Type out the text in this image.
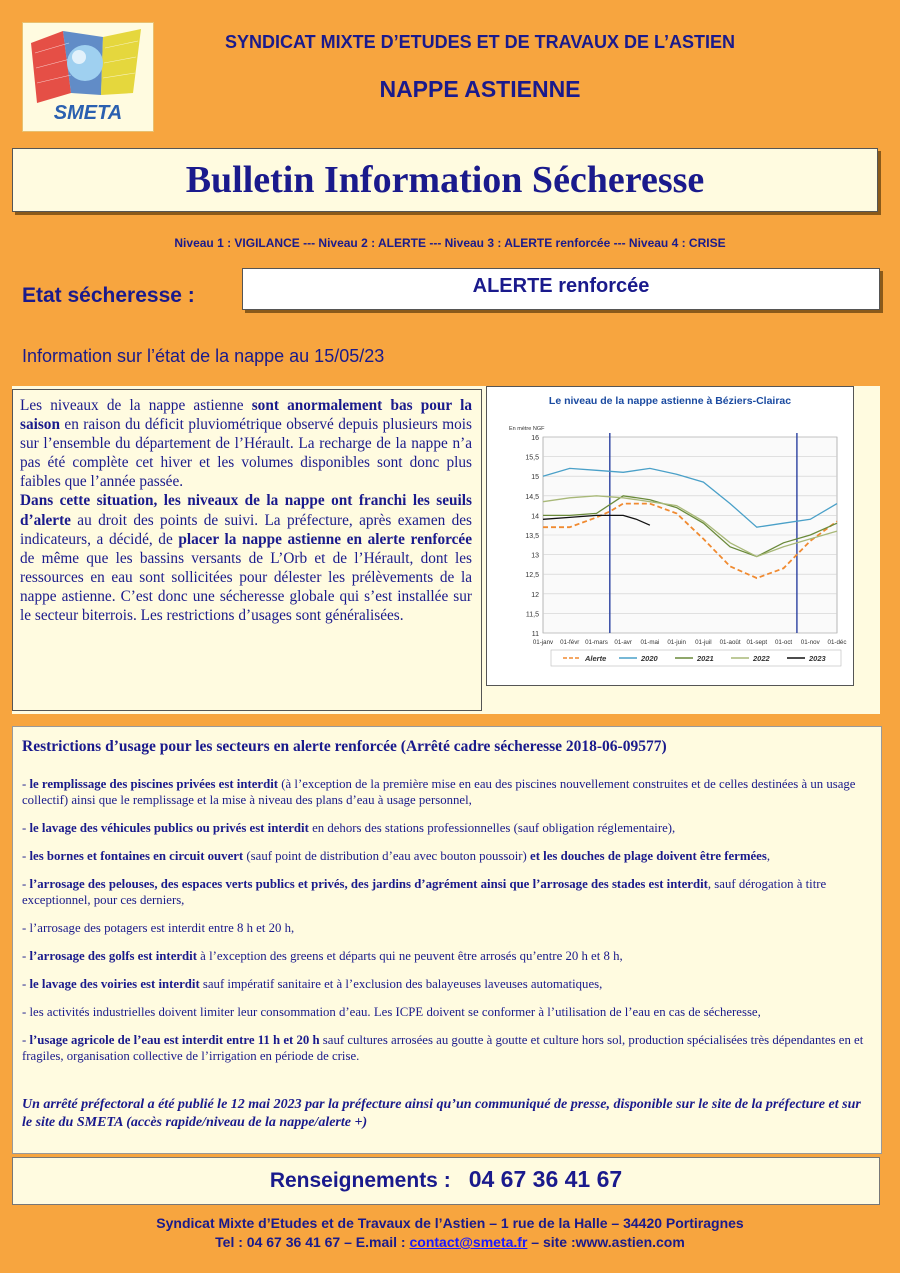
SMETA
SYNDICAT MIXTE D’ETUDES ET DE TRAVAUX DE L’ASTIEN
NAPPE ASTIENNE
Bulletin Information Sécheresse
Niveau 1 : VIGILANCE --- Niveau 2 : ALERTE --- Niveau 3 : ALERTE renforcée --- Niveau 4 : CRISE
Etat sécheresse :	ALERTE renforcée
Information sur l’état de la nappe au 15/05/23
Les niveaux de la nappe astienne sont anormalement bas pour la saison en raison du déficit pluviométrique observé depuis plusieurs mois sur l’ensemble du département de l’Hérault. La recharge de la nappe n’a pas été complète cet hiver et les volumes disponibles sont donc plus faibles que l’année passée.
Dans cette situation, les niveaux de la nappe ont franchi les seuils d’alerte au droit des points de suivi. La préfecture, après examen des indicateurs, a décidé, de placer la nappe astienne en alerte renforcée de même que les bassins versants de L’Orb et de l’Hérault, dont les ressources en eau sont sollicitées pour délester les prélèvements de la nappe astienne. C’est donc une sécheresse globale qui s’est installée sur le secteur biterrois. Les restrictions d’usages sont généralisées.
Le niveau de la nappe astienne à Béziers-Clairac
16
15,5
15
14,5
14
13,5
13
12,5
12
11,5
11
En mètre NGF
01-janv 01-févr 01-mars 01-avr 01-mai 01-juin 01-juil 01-août 01-sept 01-oct 01-nov 01-déc
Alerte	2020	2021	2022	2023
Restrictions d’usage pour les secteurs en alerte renforcée (Arrêté cadre sécheresse 2018-06-09577)
- le remplissage des piscines privées est interdit (à l’exception de la première mise en eau des piscines nouvellement construites et de celles destinées à un usage collectif) ainsi que le remplissage et la mise à niveau des plans d’eau à usage personnel,
- le lavage des véhicules publics ou privés est interdit en dehors des stations professionnelles (sauf obligation réglementaire),
- les bornes et fontaines en circuit ouvert (sauf point de distribution d’eau avec bouton poussoir) et les douches de plage doivent être fermées,
- l’arrosage des pelouses, des espaces verts publics et privés, des jardins d’agrément ainsi que l’arrosage des stades est interdit, sauf dérogation à titre exceptionnel, pour ces derniers,
- l’arrosage des potagers est interdit entre 8 h et 20 h,
- l’arrosage des golfs est interdit à l’exception des greens et départs qui ne peuvent être arrosés qu’entre 20 h et 8 h,
- le lavage des voiries est interdit sauf impératif sanitaire et à l’exclusion des balayeuses laveuses automatiques,
- les activités industrielles doivent limiter leur consommation d’eau. Les ICPE doivent se conformer à l’utilisation de l’eau en cas de sécheresse,
- l’usage agricole de l’eau est interdit entre 11 h et 20 h sauf cultures arrosées au goutte à goutte et culture hors sol, production spécialisées très dépendantes en et fragiles, organisation collective de l’irrigation en période de crise.
Un arrêté préfectoral a été publié le 12 mai 2023 par la préfecture ainsi qu’un communiqué de presse, disponible sur le site de la préfecture et sur le site du SMETA (accès rapide/niveau de la nappe/alerte +)
Renseignements : 04 67 36 41 67
Syndicat Mixte d’Etudes et de Travaux de l’Astien – 1 rue de la Halle – 34420 Portiragnes
Tel : 04 67 36 41 67 – E.mail : contact@smeta.fr – site :www.astien.com
